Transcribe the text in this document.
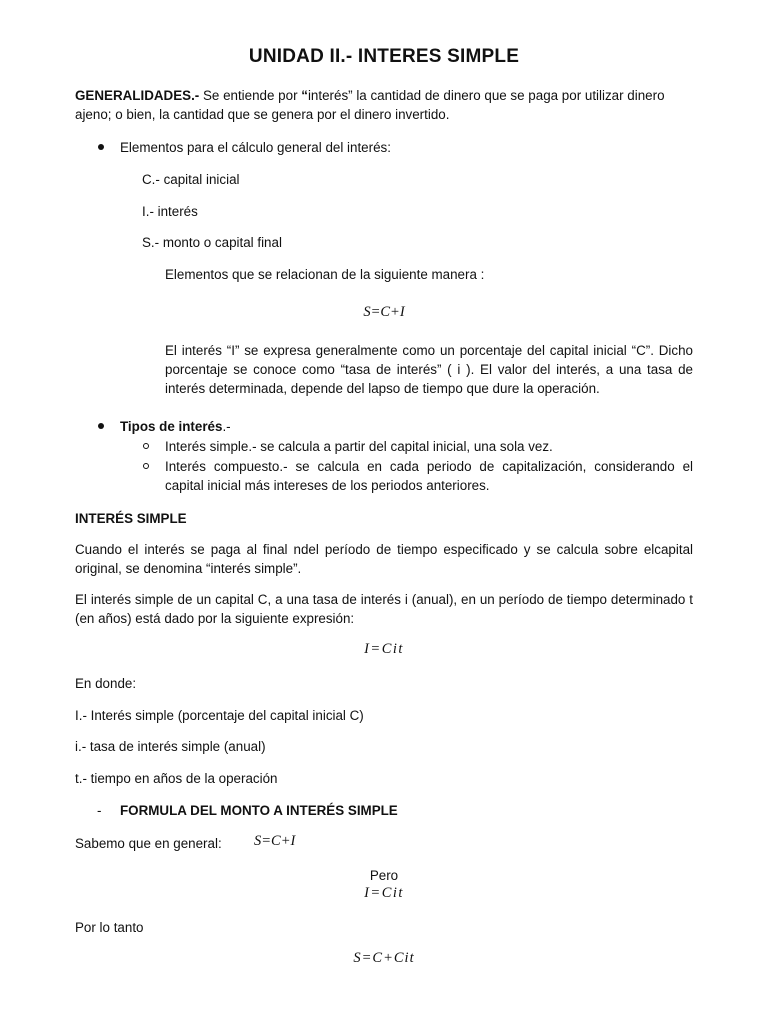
UNIDAD II.- INTERES SIMPLE
GENERALIDADES.- Se entiende por “interés” la cantidad de dinero que se paga por utilizar dinero
ajeno; o bien, la cantidad que se genera por el dinero invertido.
Elementos para el cálculo general del interés:
C.- capital inicial
I.- interés
S.- monto o capital final
Elementos que se relacionan de la siguiente manera :
S=C+I
El interés “I” se expresa generalmente como un porcentaje del capital inicial “C”. Dicho porcentaje se conoce como “tasa de interés” ( i ). El valor del interés, a una tasa de interés determinada, depende del lapso de tiempo que dure la operación.
Tipos de interés.-
Interés simple.- se calcula a partir del capital inicial, una sola vez.
Interés compuesto.- se calcula en cada periodo de capitalización, considerando el capital inicial más intereses de los periodos anteriores.
INTERÉS SIMPLE
Cuando el interés se paga al final ndel período de tiempo especificado y se calcula sobre elcapital original, se denomina “interés simple”.
El interés simple de un capital C, a una tasa de interés i (anual), en un período de tiempo determinado t (en años) está dado por la siguiente expresión:
I=Cit
En donde:
I.- Interés simple (porcentaje del capital inicial C)
i.- tasa de interés simple (anual)
t.- tiempo en años de la operación
- FORMULA DEL MONTO A INTERÉS SIMPLE
Sabemo que en general: S=C+I
Pero
I=Cit
Por lo tanto
S=C+Cit
